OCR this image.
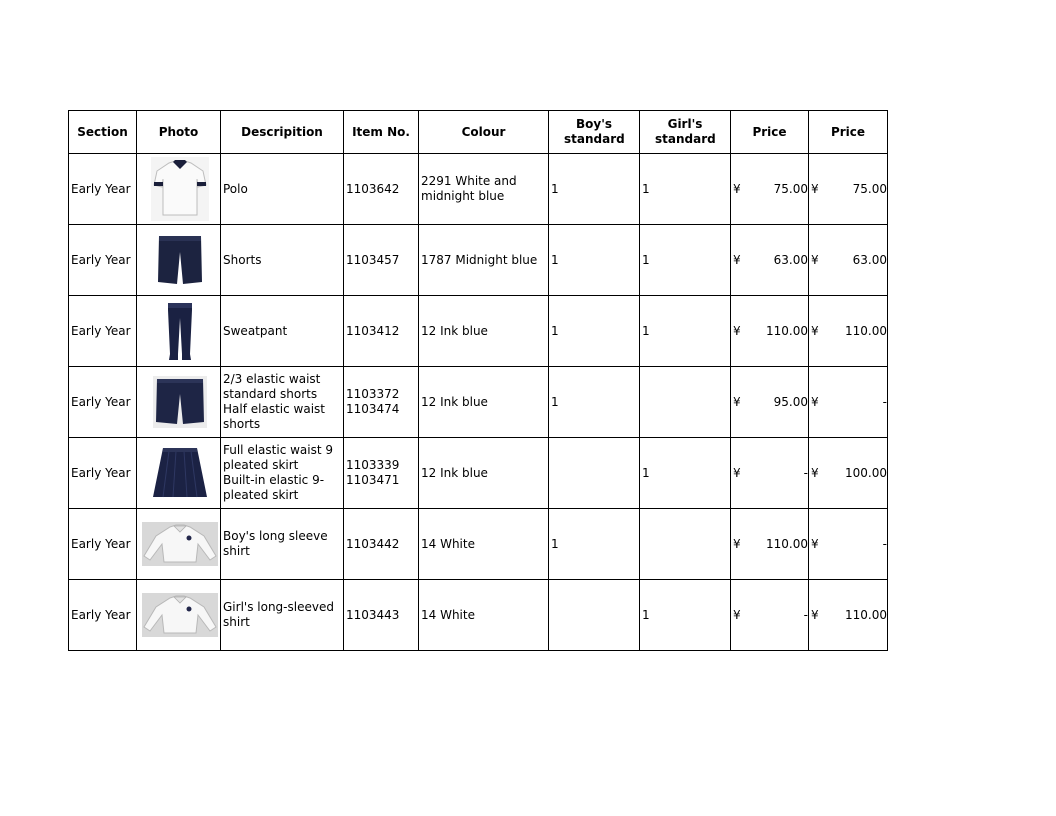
Section	Photo	Descripition	Item No.	Colour	Boy's standard	Girl's standard	Price	Price
Early Year		Polo	1103642	2291 White and
midnight blue	1	1	¥ 75.00	¥ 75.00

Early Year		Shorts	1103457	1787 Midnight blue	1	1	¥ 63.00	¥ 63.00

Early Year		Sweatpant	1103412	12 Ink blue	1	1	¥ 110.00	¥ 110.00

Early Year		2/3 elastic waist
standard shorts
Half elastic waist
shorts	1103372
1103474	12 Ink blue	1		¥ 95.00	¥ -

Early Year		Full elastic waist 9
pleated skirt
Built-in elastic 9-
pleated skirt	1103339
1103471	12 Ink blue		1	¥ -	¥ 100.00

Early Year		Boy's long sleeve
shirt	1103442	14 White	1		¥ 110.00	¥ -

Early Year		Girl's long-sleeved
shirt	1103443	14 White		1	¥ -	¥ 110.00
